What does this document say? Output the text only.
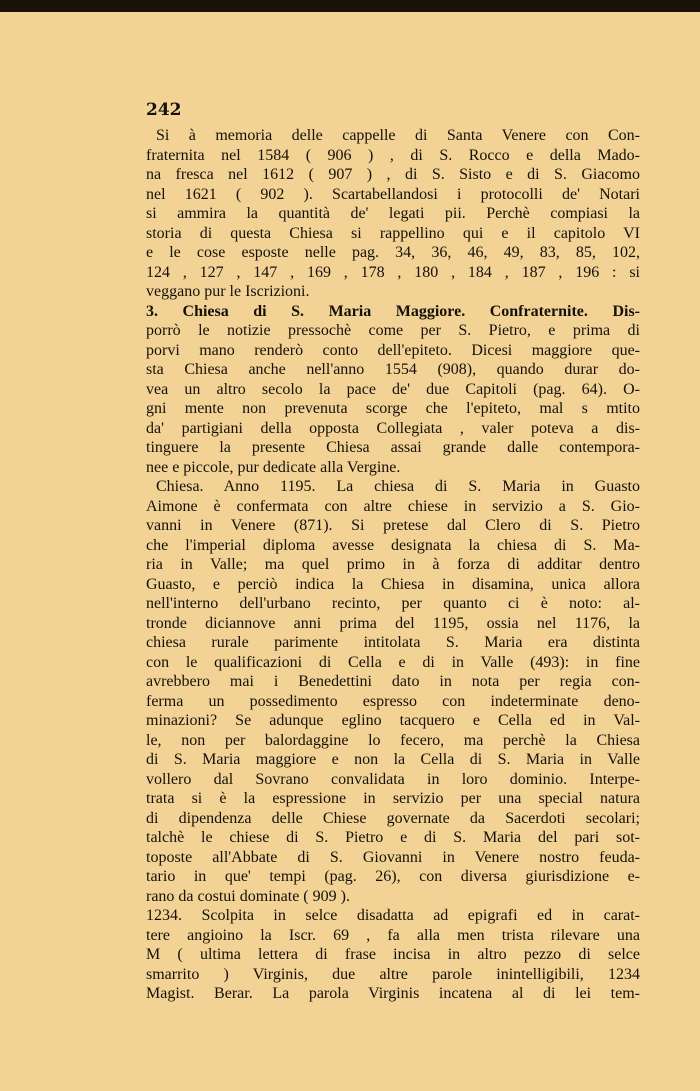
242
Si à memoria delle cappelle di Santa Venere con Con-
fraternita nel 1584 ( 906 ) , di S. Rocco e della Mado-
na fresca nel 1612 ( 907 ) , di S. Sisto e di S. Giacomo
nel 1621 ( 902 ). Scartabellandosi i protocolli de' Notari
si ammira la quantità de' legati pii. Perchè compiasi la
storia di questa Chiesa si rappellino qui e il capitolo VI
e le cose esposte nelle pag. 34, 36, 46, 49, 83, 85, 102,
124 , 127 , 147 , 169 , 178 , 180 , 184 , 187 , 196 : si
veggano pur le Iscrizioni.
3. Chiesa di S. Maria Maggiore. Confraternite. Dis-
porrò le notizie pressochè come per S. Pietro, e prima di
porvi mano renderò conto dell'epiteto. Dicesi maggiore que-
sta Chiesa anche nell'anno 1554 (908), quando durar do-
vea un altro secolo la pace de' due Capitoli (pag. 64). O-
gni mente non prevenuta scorge che l'epiteto, mal s mtito
da' partigiani della opposta Collegiata , valer poteva a dis-
tinguere la presente Chiesa assai grande dalle contempora-
nee e piccole, pur dedicate alla Vergine.
Chiesa. Anno 1195. La chiesa di S. Maria in Guasto
Aimone è confermata con altre chiese in servizio a S. Gio-
vanni in Venere (871). Si pretese dal Clero di S. Pietro
che l'imperial diploma avesse designata la chiesa di S. Ma-
ria in Valle; ma quel primo in à forza di additar dentro
Guasto, e perciò indica la Chiesa in disamina, unica allora
nell'interno dell'urbano recinto, per quanto ci è noto: al-
tronde diciannove anni prima del 1195, ossia nel 1176, la
chiesa rurale parimente intitolata S. Maria era distinta
con le qualificazioni di Cella e di in Valle (493): in fine
avrebbero mai i Benedettini dato in nota per regia con-
ferma un possedimento espresso con indeterminate deno-
minazioni? Se adunque eglino tacquero e Cella ed in Val-
le, non per balordaggine lo fecero, ma perchè la Chiesa
di S. Maria maggiore e non la Cella di S. Maria in Valle
vollero dal Sovrano convalidata in loro dominio. Interpe-
trata si è la espressione in servizio per una special natura
di dipendenza delle Chiese governate da Sacerdoti secolari;
talchè le chiese di S. Pietro e di S. Maria del pari sot-
toposte all'Abbate di S. Giovanni in Venere nostro feuda-
tario in que' tempi (pag. 26), con diversa giurisdizione e-
rano da costui dominate ( 909 ).
1234. Scolpita in selce disadatta ad epigrafi ed in carat-
tere angioino la Iscr. 69 , fa alla men trista rilevare una
M ( ultima lettera di frase incisa in altro pezzo di selce
smarrito ) Virginis, due altre parole inintelligibili, 1234
Magist. Berar. La parola Virginis incatena al di lei tem-
